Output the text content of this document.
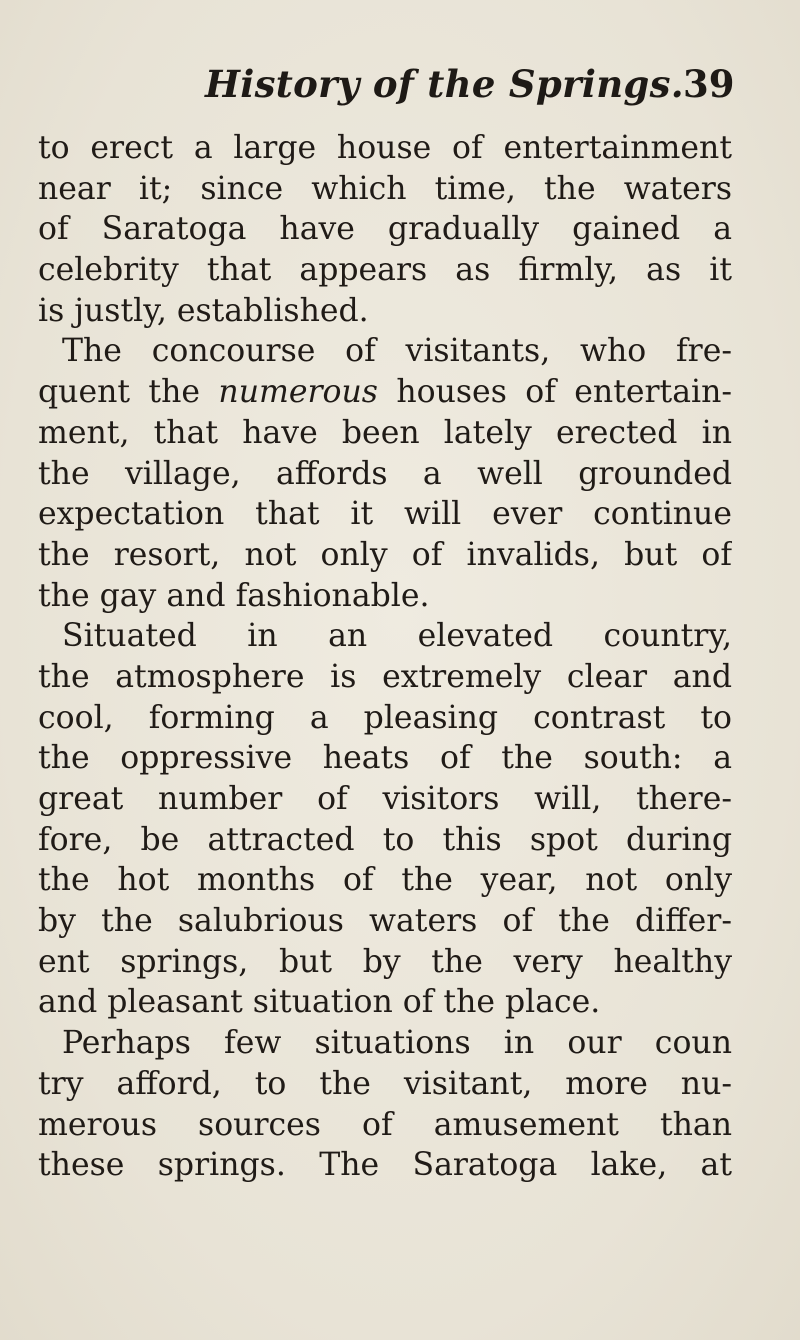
History of the Springs. 39
to erect a large house of entertainment
near it; since which time, the waters
of Saratoga have gradually gained a
celebrity that appears as firmly, as it
is justly, established.
The concourse of visitants, who fre-
quent the numerous houses of entertain-
ment, that have been lately erected in
the village, affords a well grounded
expectation that it will ever continue
the resort, not only of invalids, but of
the gay and fashionable.
Situated in an elevated country,
the atmosphere is extremely clear and
cool, forming a pleasing contrast to
the oppressive heats of the south: a
great number of visitors will, there-
fore, be attracted to this spot during
the hot months of the year, not only
by the salubrious waters of the differ-
ent springs, but by the very healthy
and pleasant situation of the place.
Perhaps few situations in our coun
try afford, to the visitant, more nu-
merous sources of amusement than
these springs. The Saratoga lake, at
